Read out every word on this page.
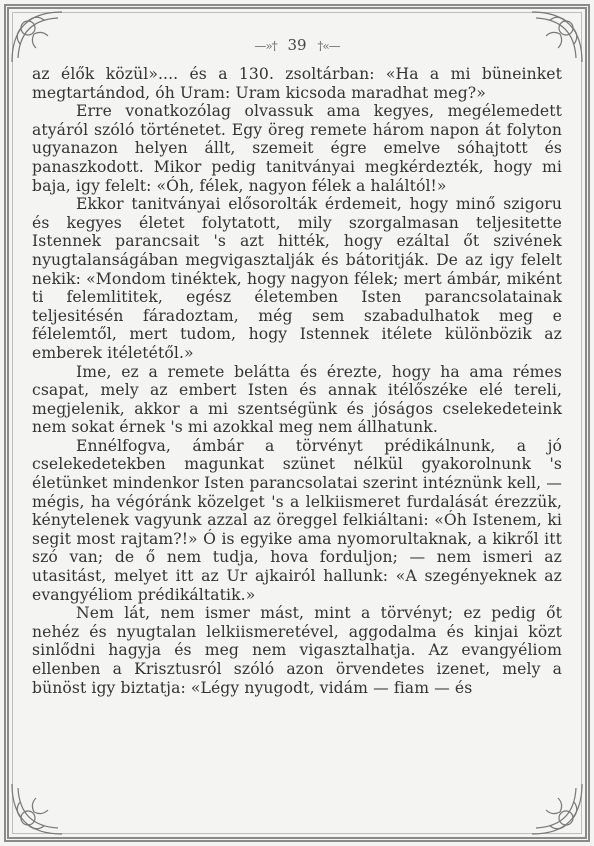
—»† 39 †«—

az élők közül».... és a 130. zsoltárban: «Ha a mi büneinket megtartándod, óh Uram: Uram kicsoda maradhat meg?»

Erre vonatkozólag olvassuk ama kegyes, megélemedett atyáról szóló történetet. Egy öreg remete három napon át folyton ugyanazon helyen állt, szemeit égre emelve sóhajtott és panaszkodott. Mikor pedig tanitványai megkérdezték, hogy mi baja, igy felelt: «Óh, félek, nagyon félek a haláltól!»

Ekkor tanitványai elősorolták érdemeit, hogy minő szigoru és kegyes életet folytatott, mily szorgalmasan teljesitette Istennek parancsait 's azt hitték, hogy ezáltal őt szivének nyugtalanságában megvigasztalják és bátoritják. De az igy felelt nekik: «Mondom tinéktek, hogy nagyon félek; mert ámbár, miként ti felemlititek, egész életemben Isten parancsolatainak teljesitésén fáradoztam, még sem szabadulhatok meg e félelemtől, mert tudom, hogy Istennek itélete különbözik az emberek itéletétől.»

Ime, ez a remete belátta és érezte, hogy ha ama rémes csapat, mely az embert Isten és annak itélőszéke elé tereli, megjelenik, akkor a mi szentségünk és jóságos cselekedeteink nem sokat érnek 's mi azokkal meg nem állhatunk.

Ennélfogva, ámbár a törvényt prédikálnunk, a jó cselekedetekben magunkat szünet nélkül gyakorolnunk 's életünket mindenkor Isten parancsolatai szerint intéznünk kell, — mégis, ha végóránk közelget 's a lelkiismeret furdalását érezzük, kénytelenek vagyunk azzal az öreggel felkiáltani: «Óh Istenem, ki segit most rajtam?!» Ó is egyike ama nyomorultaknak, a kikről itt szó van; de ő nem tudja, hova forduljon; — nem ismeri az utasitást, melyet itt az Ur ajkairól hallunk: «A szegényeknek az evangyéliom prédikáltatik.»

Nem lát, nem ismer mást, mint a törvényt; ez pedig őt nehéz és nyugtalan lelkiismeretével, aggodalma és kinjai közt sinlődni hagyja és meg nem vigasztalhatja. Az evangyéliom ellenben a Krisztusról szóló azon örvendetes izenet, mely a bünöst igy biztatja: «Légy nyugodt, vidám — fiam — és
